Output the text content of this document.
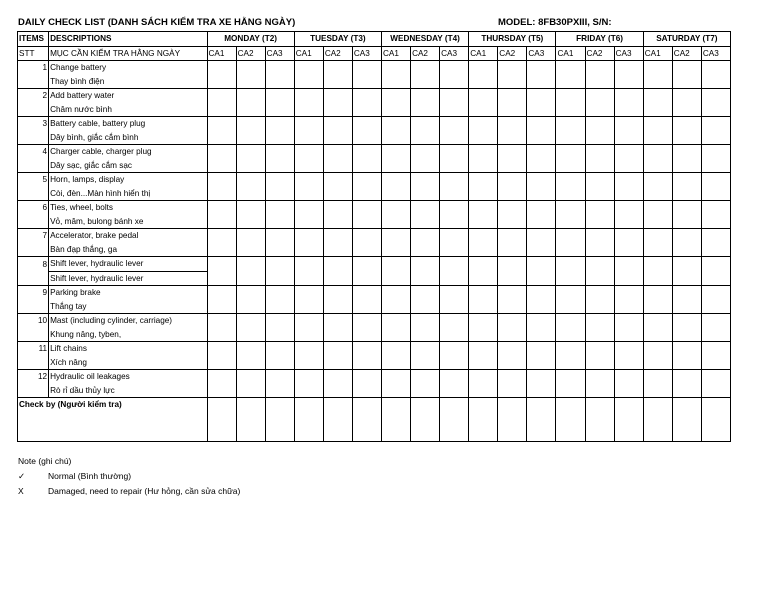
DAILY CHECK LIST (DANH SÁCH KIỂM TRA XE HẰNG NGÀY)	MODEL: 8FB30PXIII, S/N:
ITEMS	DESCRIPTIONS	MONDAY (T2)			TUESDAY (T3)			WEDNESDAY (T4)			THURSDAY (T5)			FRIDAY (T6)			SATURDAY (T7)		
STT	MỤC CẦN KIỂM TRA HẰNG NGÀY	CA1	CA2	CA3	CA1	CA2	CA3	CA1	CA2	CA3	CA1	CA2	CA3	CA1	CA2	CA3	CA1	CA2	CA3
1	Change battery																		
	Thay bình điện																		
2	Add battery water																		
	Châm nước bình																		
3	Battery cable, battery plug																		
	Dây bình, giắc cắm bình																		
4	Charger cable, charger plug																		
	Dây sạc, giắc cắm sạc																		
5	Horn, lamps, display																		
	Còi, đèn...Màn hình hiển thị																		
6	Ties, wheel, bolts																		
	Vỏ, mâm, bulong bánh xe																		
7	Accelerator, brake pedal																		
	Bàn đạp thắng, ga																		
8	Shift lever, hydraulic lever																		
	Shift lever, hydraulic lever																		
9	Parking brake																		
	Thắng tay																		
10	Mast (including cylinder, carriage)																		
	Khung nâng, tyben,																		
11	Lift chains																		
	Xích nâng																		
12	Hydraulic oil leakages																		
	Rò rỉ dầu thủy lực																		
Check by (Người kiểm tra)																			
Note (ghi chú)
✓	Normal (Bình thường)
X	Damaged, need to repair (Hư hỏng, cần sửa chữa)
